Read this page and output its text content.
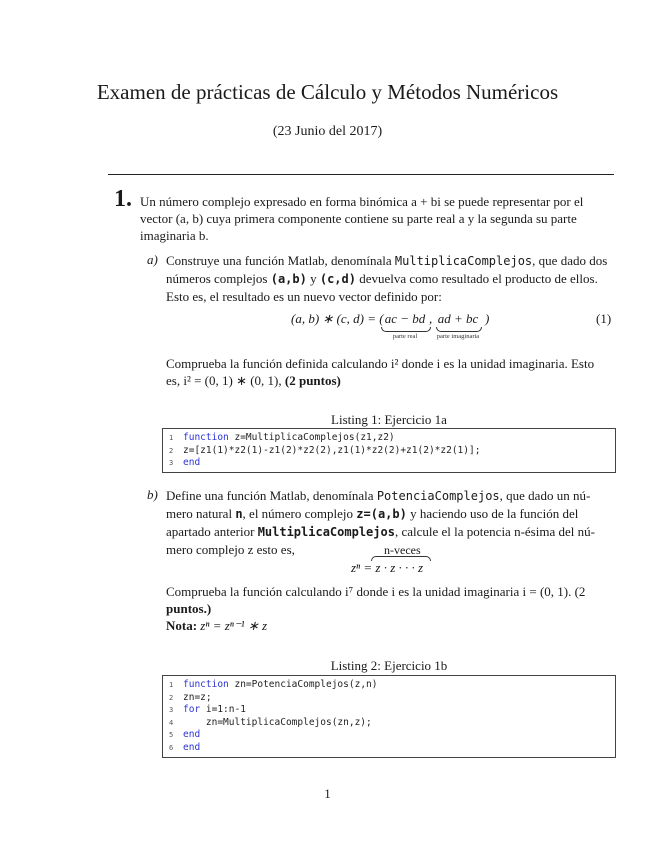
Examen de prácticas de Cálculo y Métodos Numéricos
(23 Junio del 2017)
1. Un número complejo expresado en forma binómica a + bi se puede representar por el
vector (a, b) cuya primera componente contiene su parte real a y la segunda su parte
imaginaria b.
a) Construye una función Matlab, denomínala MultiplicaComplejos, que dado dos
números complejos (a,b) y (c,d) devuelva como resultado el producto de ellos.
Esto es, el resultado es un nuevo vector definido por:
(a, b) ∗ (c, d) = ( ac − bd
parte real
, ad + bc
parte imaginaria
)	(1)
Comprueba la función definida calculando i² donde i es la unidad imaginaria. Esto
es, i² = (0, 1) ∗ (0, 1), (2 puntos)
Listing 1: Ejercicio 1a
1 function z=MultiplicaComplejos(z1,z2)
2 z=[z1(1)*z2(1)-z1(2)*z2(2),z1(1)*z2(2)+z1(2)*z2(1)];
3 end
b) Define una función Matlab, denomínala PotenciaComplejos, que dado un nú-
mero natural n, el número complejo z=(a,b) y haciendo uso de la función del
apartado anterior MultiplicaComplejos, calcule el la potencia n-ésima del nú-
mero complejo z esto es,	n-veces
zⁿ = z · z · · · z
Comprueba la función calculando i⁷ donde i es la unidad imaginaria i = (0, 1). (2
puntos.)
Nota: zⁿ = zⁿ⁻¹ ∗ z
Listing 2: Ejercicio 1b
1 function zn=PotenciaComplejos(z,n)
2 zn=z;
3 for i=1:n-1
4    zn=MultiplicaComplejos(zn,z);
5 end
6 end
1
